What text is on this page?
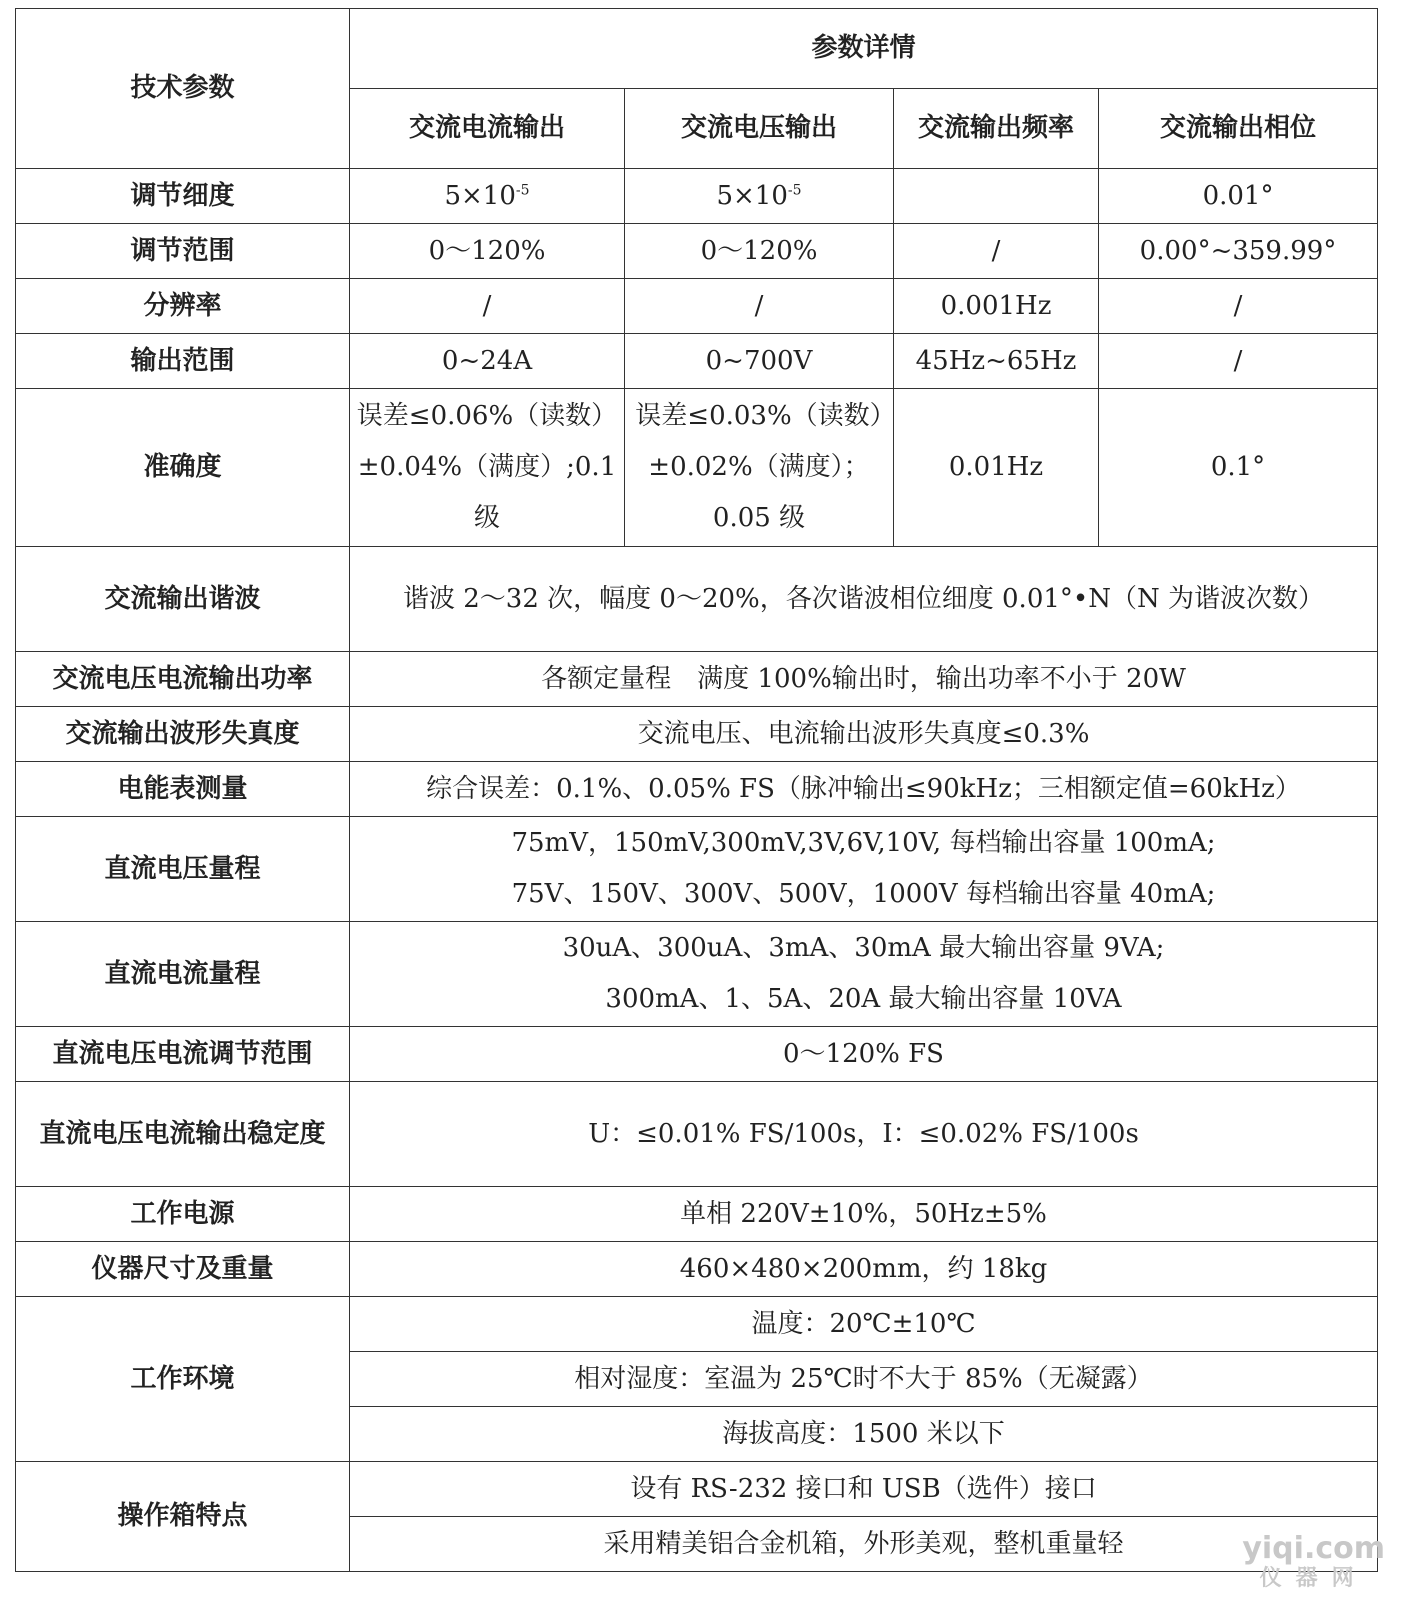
技术参数	参数详情			
	交流电流输出	交流电压输出	交流输出频率	交流输出相位
调节细度	$5\times 10^{-5}$	$5\times 10^{-5}$		0.01°
调节范围	0～120%	0～120%	/	0.00°~359.99°
分辨率	/	/	0.001Hz	/
输出范围	0~24A	0~700V	45Hz~65Hz	/
准确度	误差≤0.06%（读数）±0.04%（满度）;0.1 级	误差≤0.03%（读数）±0.02%（满度）；0.05 级	0.01Hz	0.1°
交流输出谐波	谐波 2～32 次，幅度 0～20%，各次谐波相位细度 0.01°•N（N 为谐波次数）			
交流电压电流输出功率	各额定量程　满度 100%输出时，输出功率不小于 20W			
交流输出波形失真度	交流电压、电流输出波形失真度≤0.3%			
电能表测量	综合误差：0.1%、0.05% FS（脉冲输出≤90kHz；三相额定值=60kHz）			
直流电压量程	75mV，150mV,300mV,3V,6V,10V, 每档输出容量 100mA;
75V、150V、300V、500V，1000V 每档输出容量 40mA;			

直流电流量程	30uA、300uA、3mA、30mA 最大输出容量 9VA;
300mA、1、5A、20A 最大输出容量 10VA			

直流电压电流调节范围	0～120% FS			
直流电压电流输出稳定度	U：≤0.01% FS/100s，I：≤0.02% FS/100s			
工作电源	单相 220V±10%，50Hz±5%			
仪器尺寸及重量	460×480×200mm，约 18kg			
工作环境	温度：20℃±10℃			
	相对湿度：室温为 25℃时不大于 85%（无凝露）			
	海拔高度：1500 米以下			
操作箱特点	设有 RS-232 接口和 USB（选件）接口			
	采用精美铝合金机箱，外形美观，整机重量轻				yiqi.com
仪器网
